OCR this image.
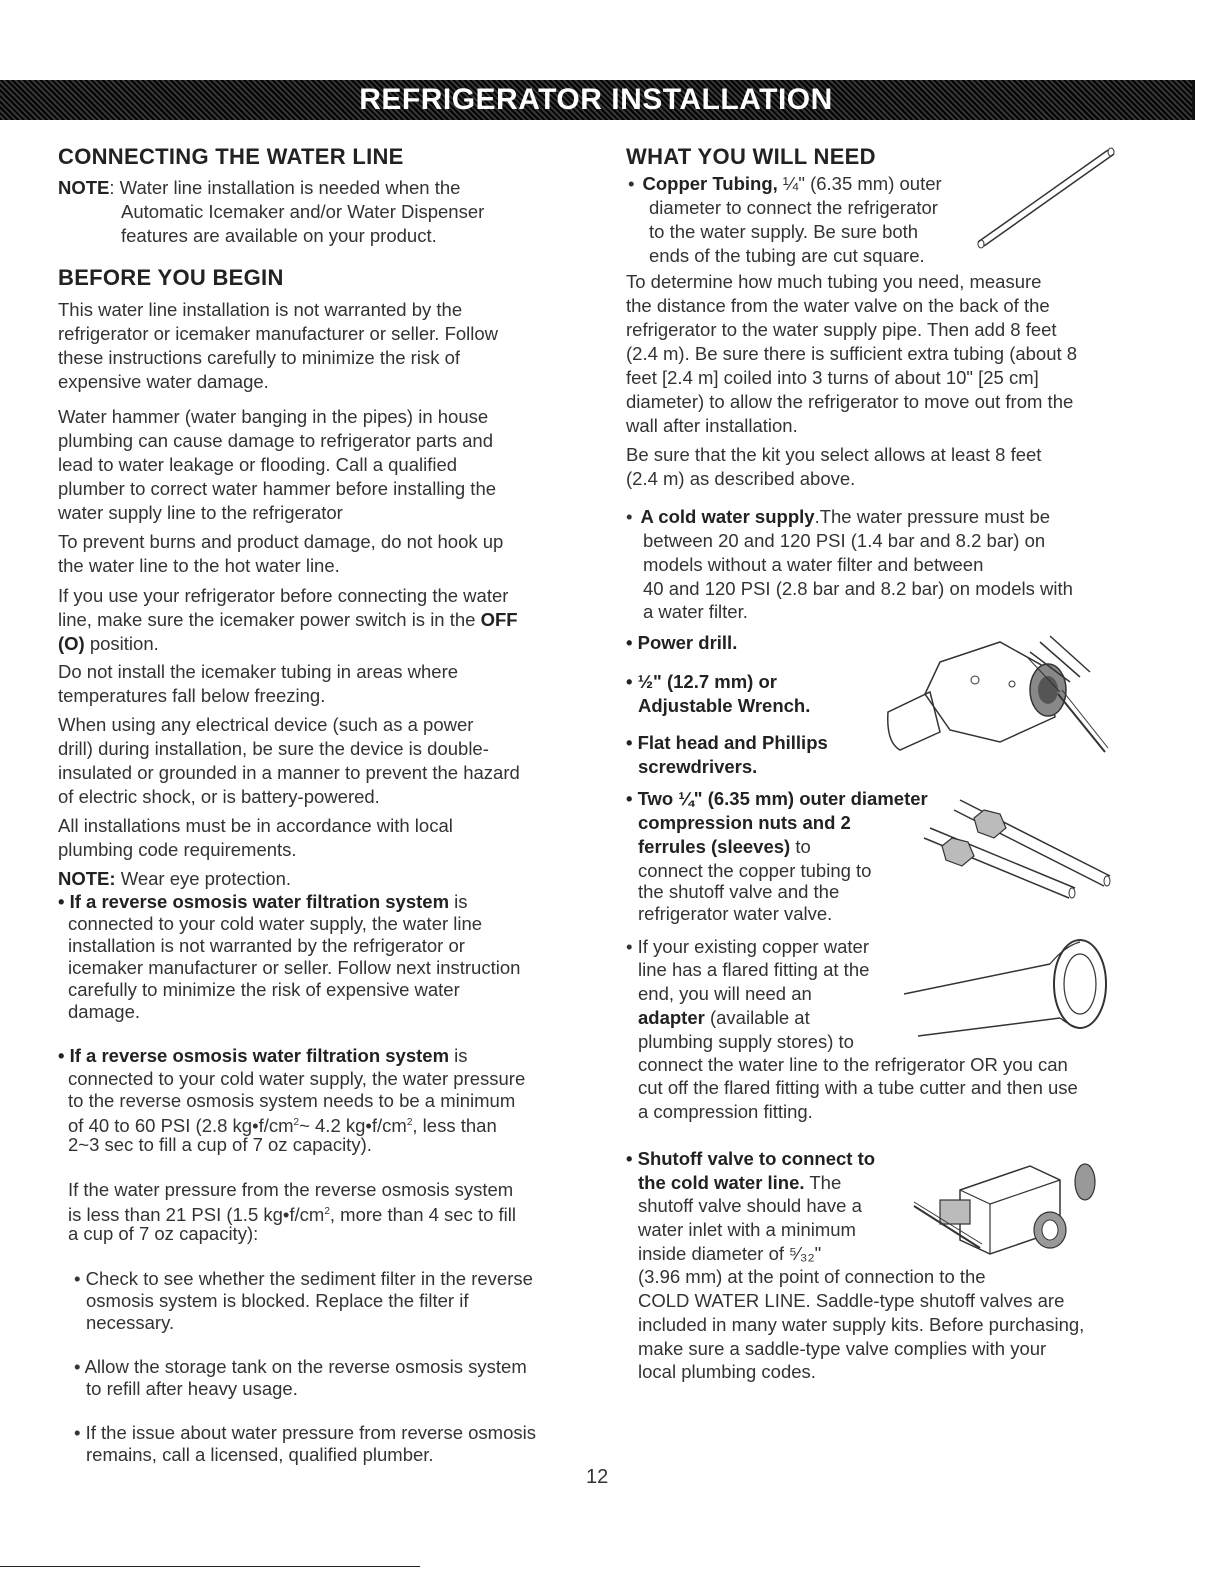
REFRIGERATOR INSTALLATION
CONNECTING THE WATER LINE
NOTE: Water line installation is needed when the
Automatic Icemaker and/or Water Dispenser
features are available on your product.
BEFORE YOU BEGIN
This water line installation is not warranted by the
refrigerator or icemaker manufacturer or seller. Follow
these instructions carefully to minimize the risk of
expensive water damage.
Water hammer (water banging in the pipes) in house
plumbing can cause damage to refrigerator parts and
lead to water leakage or flooding. Call a qualified
plumber to correct water hammer before installing the
water supply line to the refrigerator
To prevent burns and product damage, do not hook up
the water line to the hot water line.
If you use your refrigerator before connecting the water
line, make sure the icemaker power switch is in the OFF
(O) position.
Do not install the icemaker tubing in areas where
temperatures fall below freezing.
When using any electrical device (such as a power
drill) during installation, be sure the device is double-
insulated or grounded in a manner to prevent the hazard
of electric shock, or is battery-powered.
All installations must be in accordance with local
plumbing code requirements.
NOTE: Wear eye protection.
• If a reverse osmosis water filtration system is
connected to your cold water supply, the water line
installation is not warranted by the refrigerator or
icemaker manufacturer or seller. Follow next instruction
carefully to minimize the risk of expensive water
damage.
• If a reverse osmosis water filtration system is
connected to your cold water supply, the water pressure
to the reverse osmosis system needs to be a minimum
of 40 to 60 PSI (2.8 $kg•f/cm^2\sim$ 4.2 $kg•f/cm^2$, less than
2~3 sec to fill a cup of 7 oz capacity).
If the water pressure from the reverse osmosis system
is less than 21 PSI (1.5 $kg•f/cm^2$, more than 4 sec to fill
a cup of 7 oz capacity):
• Check to see whether the sediment filter in the reverse
osmosis system is blocked. Replace the filter if
necessary.
• Allow the storage tank on the reverse osmosis system
to refill after heavy usage.
• If the issue about water pressure from reverse osmosis
remains, call a licensed, qualified plumber.
WHAT YOU WILL NEED
• Copper Tubing, ¼" (6.35 mm) outer
diameter to connect the refrigerator
to the water supply. Be sure both
ends of the tubing are cut square.
To determine how much tubing you need, measure
the distance from the water valve on the back of the
refrigerator to the water supply pipe. Then add 8 feet
(2.4 m). Be sure there is sufficient extra tubing (about 8
feet [2.4 m] coiled into 3 turns of about 10" [25 cm]
diameter) to allow the refrigerator to move out from the
wall after installation.
Be sure that the kit you select allows at least 8 feet
(2.4 m) as described above.
• A cold water supply.The water pressure must be
between 20 and 120 PSI (1.4 bar and 8.2 bar) on
models without a water filter and between
40 and 120 PSI (2.8 bar and 8.2 bar) on models with
a water filter.
• Power drill.
• ½" (12.7 mm) or
Adjustable Wrench.
• Flat head and Phillips
screwdrivers.
• Two ¼" (6.35 mm) outer diameter
compression nuts and 2
ferrules (sleeves) to
connect the copper tubing to
the shutoff valve and the
refrigerator water valve.
• If your existing copper water
line has a flared fitting at the
end, you will need an
adapter (available at
plumbing supply stores) to
connect the water line to the refrigerator OR you can
cut off the flared fitting with a tube cutter and then use
a compression fitting.
• Shutoff valve to connect to
the cold water line. The
shutoff valve should have a
water inlet with a minimum
inside diameter of ⁵⁄₃₂"
(3.96 mm) at the point of connection to the
COLD WATER LINE. Saddle-type shutoff valves are
included in many water supply kits. Before purchasing,
make sure a saddle-type valve complies with your
local plumbing codes.
12
